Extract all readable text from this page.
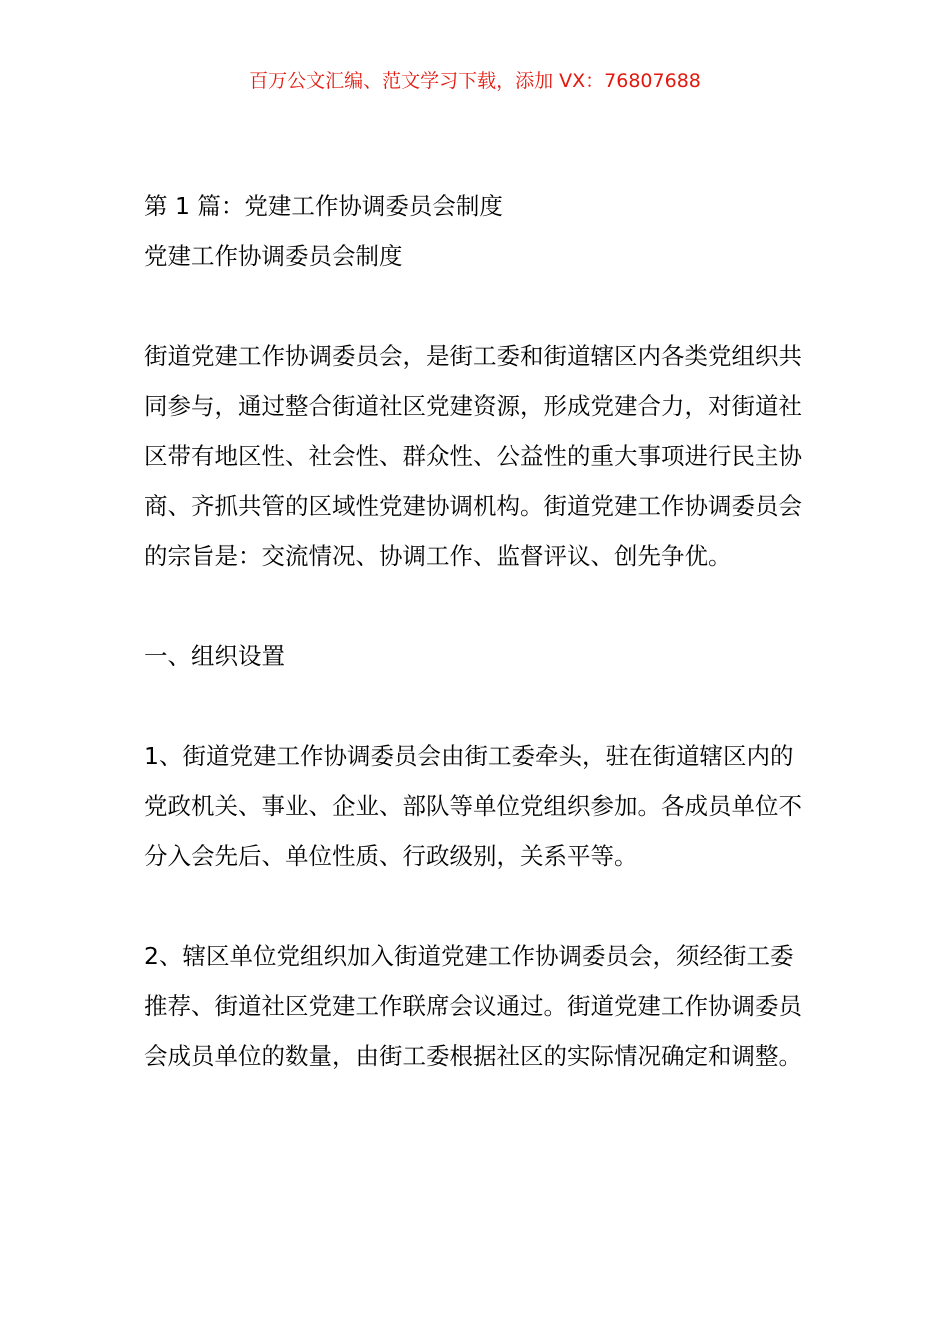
百万公文汇编、范文学习下载，添加 VX：76807688

第 1 篇：党建工作协调委员会制度

党建工作协调委员会制度

街道党建工作协调委员会，是街工委和街道辖区内各类党组织共同参与，通过整合街道社区党建资源，形成党建合力，对街道社区带有地区性、社会性、群众性、公益性的重大事项进行民主协商、齐抓共管的区域性党建协调机构。街道党建工作协调委员会的宗旨是：交流情况、协调工作、监督评议、创先争优。

一、组织设置

1、街道党建工作协调委员会由街工委牵头，驻在街道辖区内的党政机关、事业、企业、部队等单位党组织参加。各成员单位不分入会先后、单位性质、行政级别，关系平等。

2、辖区单位党组织加入街道党建工作协调委员会，须经街工委推荐、街道社区党建工作联席会议通过。街道党建工作协调委员会成员单位的数量，由街工委根据社区的实际情况确定和调整。
